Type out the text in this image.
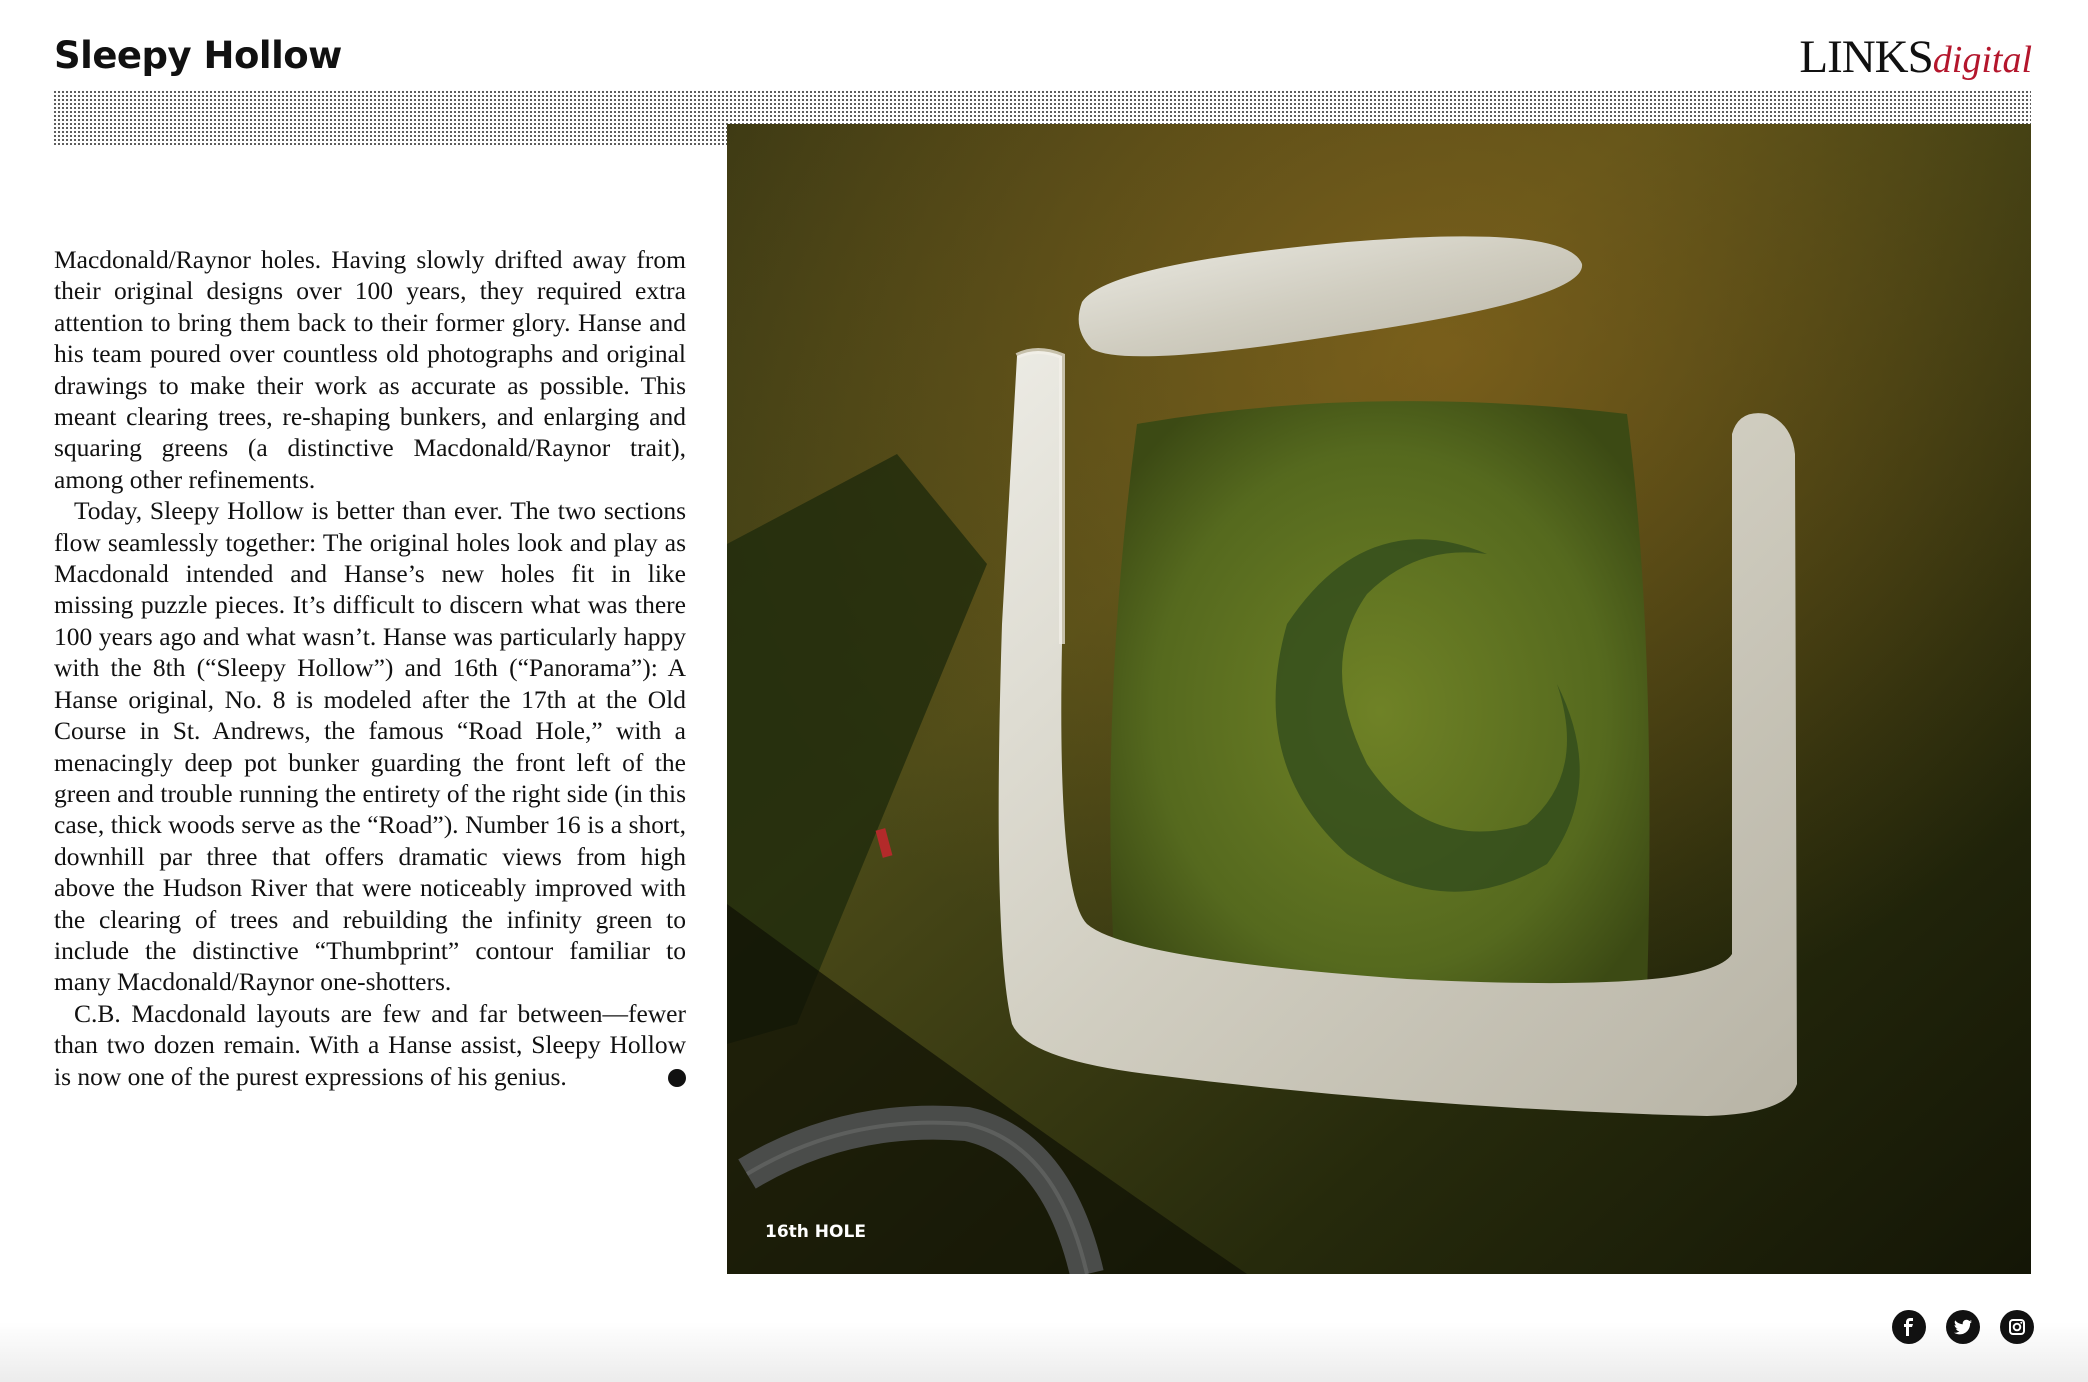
Sleepy Hollow	LINKSdigital

Macdonald/Raynor holes. Having slowly drifted away from their original designs over 100 years, they required extra attention to bring them back to their former glory. Hanse and his team poured over countless old photographs and original drawings to make their work as accurate as possible. This meant clearing trees, re-shaping bunkers, and enlarging and squaring greens (a distinctive Macdonald/Raynor trait), among other refinements.

Today, Sleepy Hollow is better than ever. The two sections flow seamlessly together: The original holes look and play as Macdonald intended and Hanse’s new holes fit in like missing puzzle pieces. It’s difficult to discern what was there 100 years ago and what wasn’t. Hanse was particularly happy with the 8th (“Sleepy Hollow”) and 16th (“Panorama”): A Hanse original, No. 8 is modeled after the 17th at the Old Course in St. Andrews, the famous “Road Hole,” with a menacingly deep pot bunker guarding the front left of the green and trouble running the entirety of the right side (in this case, thick woods serve as the “Road”). Number 16 is a short, downhill par three that offers dramatic views from high above the Hudson River that were noticeably improved with the clearing of trees and rebuilding the infinity green to include the distinctive “Thumbprint” contour familiar to many Macdonald/Raynor one-shotters.

C.B. Macdonald layouts are few and far between—fewer than two dozen remain. With a Hanse assist, Sleepy Hollow is now one of the purest expressions of his genius.	L

16th HOLE
